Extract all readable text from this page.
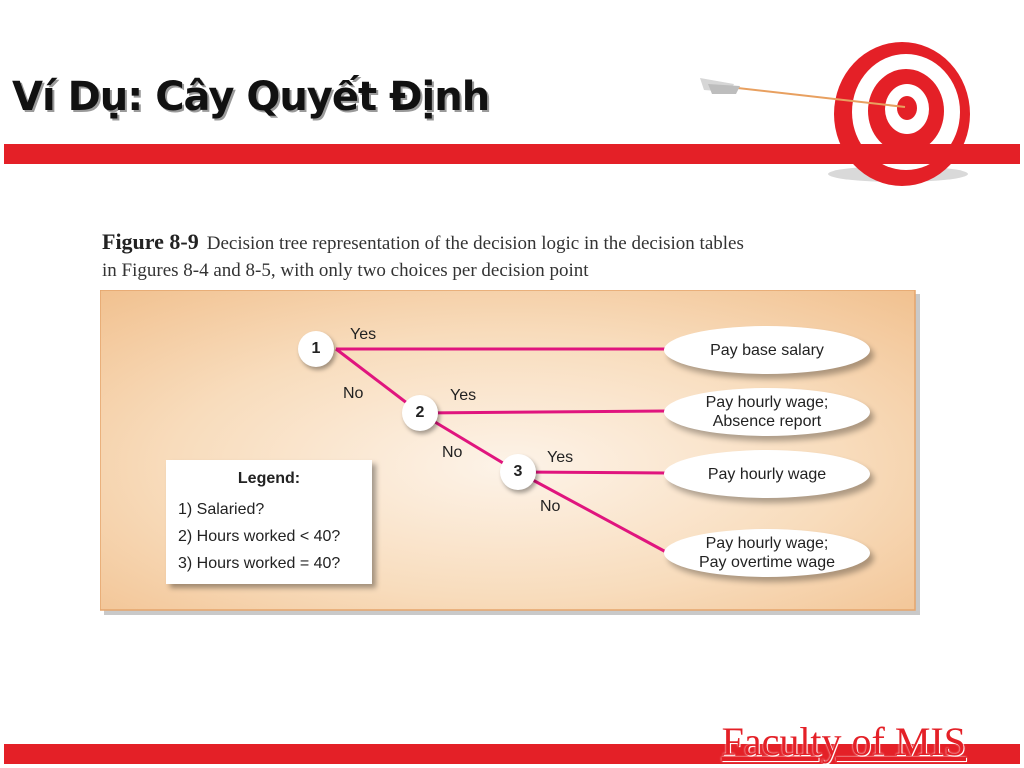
Ví Dụ: Cây Quyết Định
Figure 8-9 Decision tree representation of the decision logic in the decision tables
in Figures 8-4 and 8-5, with only two choices per decision point
1
2
3
Yes
No	Yes
No	Yes
No
Pay base salary
Pay hourly wage;
Absence report
Pay hourly wage
Pay hourly wage;
Pay overtime wage
Legend:
1) Salaried?
2) Hours worked < 40?
3) Hours worked = 40?
Faculty of MIS
